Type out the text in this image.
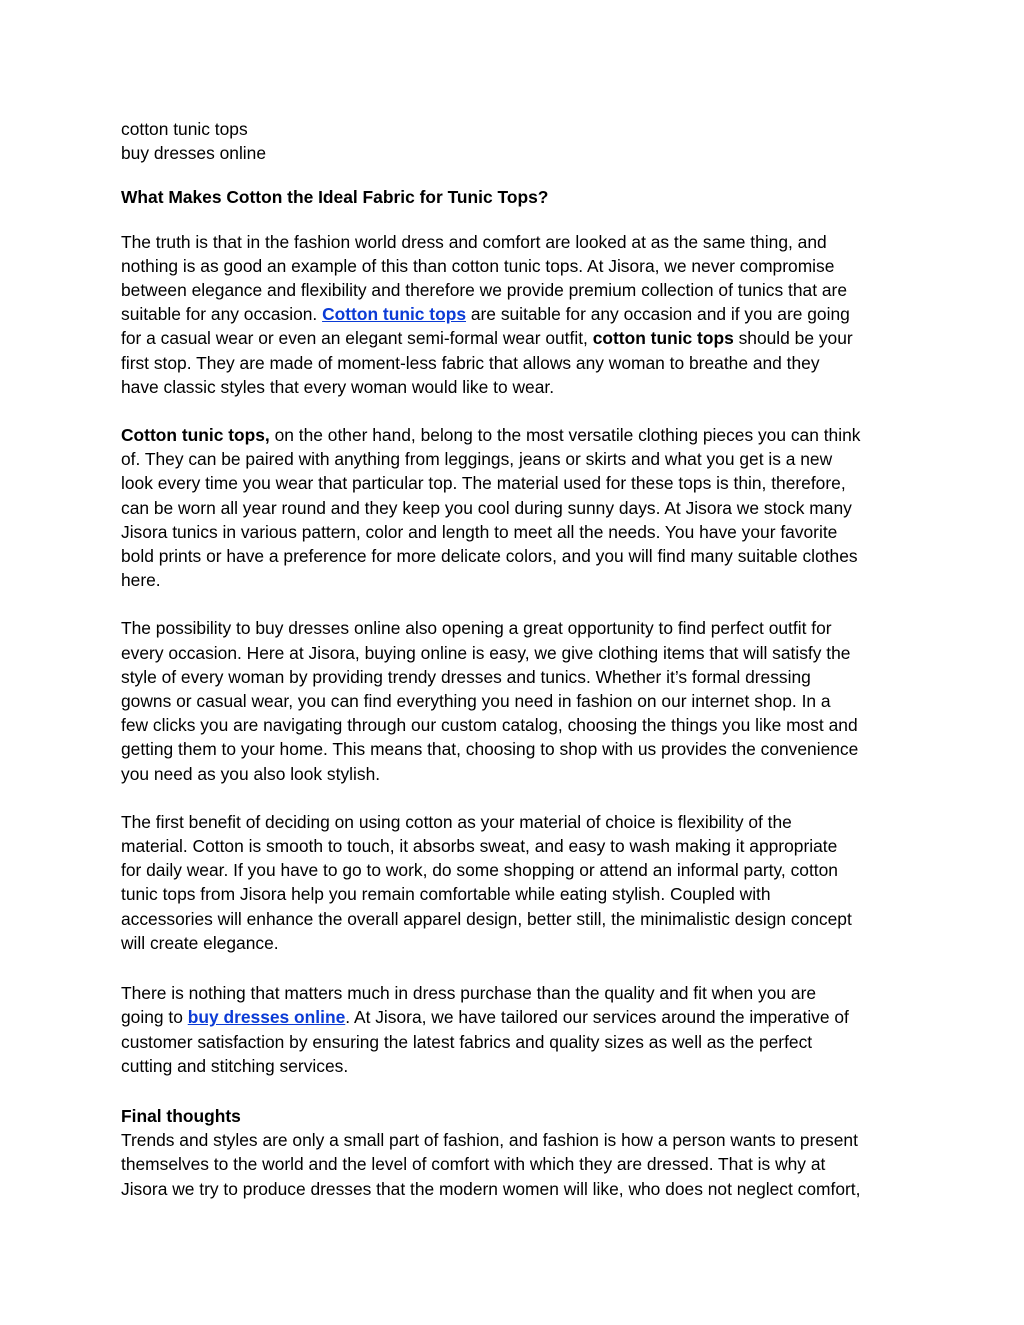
cotton tunic tops
buy dresses online
What Makes Cotton the Ideal Fabric for Tunic Tops?

The truth is that in the fashion world dress and comfort are looked at as the same thing, and
nothing is as good an example of this than cotton tunic tops. At Jisora, we never compromise
between elegance and flexibility and therefore we provide premium collection of tunics that are
suitable for any occasion. Cotton tunic tops are suitable for any occasion and if you are going
for a casual wear or even an elegant semi-formal wear outfit, cotton tunic tops should be your
first stop. They are made of moment-less fabric that allows any woman to breathe and they
have classic styles that every woman would like to wear.

Cotton tunic tops, on the other hand, belong to the most versatile clothing pieces you can think
of. They can be paired with anything from leggings, jeans or skirts and what you get is a new
look every time you wear that particular top. The material used for these tops is thin, therefore,
can be worn all year round and they keep you cool during sunny days. At Jisora we stock many
Jisora tunics in various pattern, color and length to meet all the needs. You have your favorite
bold prints or have a preference for more delicate colors, and you will find many suitable clothes
here.

The possibility to buy dresses online also opening a great opportunity to find perfect outfit for
every occasion. Here at Jisora, buying online is easy, we give clothing items that will satisfy the
style of every woman by providing trendy dresses and tunics. Whether it’s formal dressing
gowns or casual wear, you can find everything you need in fashion on our internet shop. In a
few clicks you are navigating through our custom catalog, choosing the things you like most and
getting them to your home. This means that, choosing to shop with us provides the convenience
you need as you also look stylish.

The first benefit of deciding on using cotton as your material of choice is flexibility of the
material. Cotton is smooth to touch, it absorbs sweat, and easy to wash making it appropriate
for daily wear. If you have to go to work, do some shopping or attend an informal party, cotton
tunic tops from Jisora help you remain comfortable while eating stylish. Coupled with
accessories will enhance the overall apparel design, better still, the minimalistic design concept
will create elegance.

There is nothing that matters much in dress purchase than the quality and fit when you are
going to buy dresses online. At Jisora, we have tailored our services around the imperative of
customer satisfaction by ensuring the latest fabrics and quality sizes as well as the perfect
cutting and stitching services.

Final thoughts

Trends and styles are only a small part of fashion, and fashion is how a person wants to present
themselves to the world and the level of comfort with which they are dressed. That is why at
Jisora we try to produce dresses that the modern women will like, who does not neglect comfort,
